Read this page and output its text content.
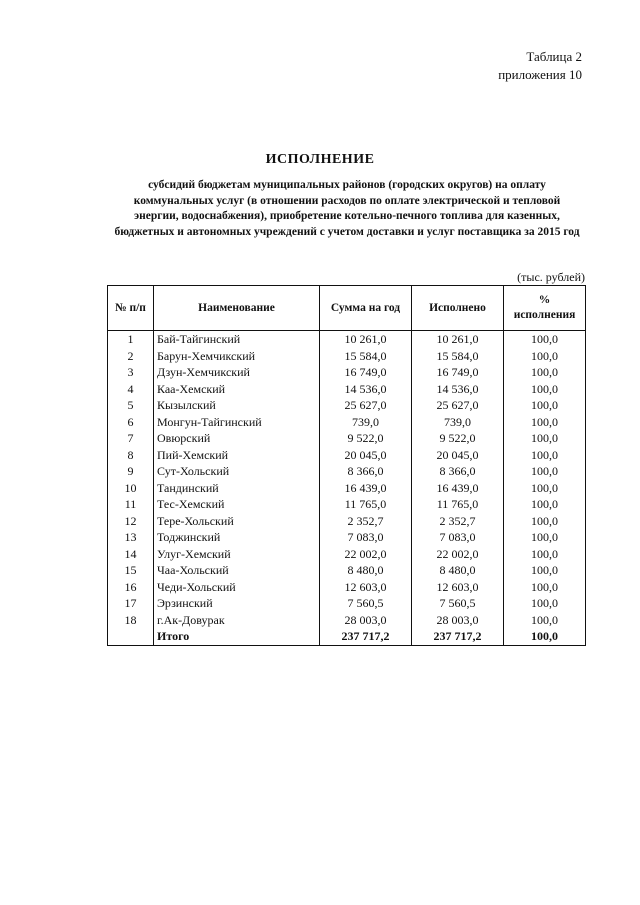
Таблица 2
приложения 10
ИСПОЛНЕНИЕ
субсидий бюджетам муниципальных районов (городских округов) на оплату коммунальных услуг (в отношении расходов по оплате электрической и тепловой энергии, водоснабжения), приобретение котельно-печного топлива для казенных, бюджетных и автономных учреждений с учетом доставки и услуг поставщика за 2015 год
(тыс. рублей)
№ п/п	Наименование	Сумма на год	Исполнено	% исполнения
1	Бай-Тайгинский	10 261,0	10 261,0	100,0
2	Барун-Хемчикский	15 584,0	15 584,0	100,0
3	Дзун-Хемчикский	16 749,0	16 749,0	100,0
4	Каа-Хемский	14 536,0	14 536,0	100,0
5	Кызылский	25 627,0	25 627,0	100,0
6	Монгун-Тайгинский	739,0	739,0	100,0
7	Овюрский	9 522,0	9 522,0	100,0
8	Пий-Хемский	20 045,0	20 045,0	100,0
9	Сут-Хольский	8 366,0	8 366,0	100,0
10	Тандинский	16 439,0	16 439,0	100,0
11	Тес-Хемский	11 765,0	11 765,0	100,0
12	Тере-Хольский	2 352,7	2 352,7	100,0
13	Тоджинский	7 083,0	7 083,0	100,0
14	Улуг-Хемский	22 002,0	22 002,0	100,0
15	Чаа-Хольский	8 480,0	8 480,0	100,0
16	Чеди-Хольский	12 603,0	12 603,0	100,0
17	Эрзинский	7 560,5	7 560,5	100,0
18	г.Ак-Довурак	28 003,0	28 003,0	100,0
	Итого	237 717,2	237 717,2	100,0
